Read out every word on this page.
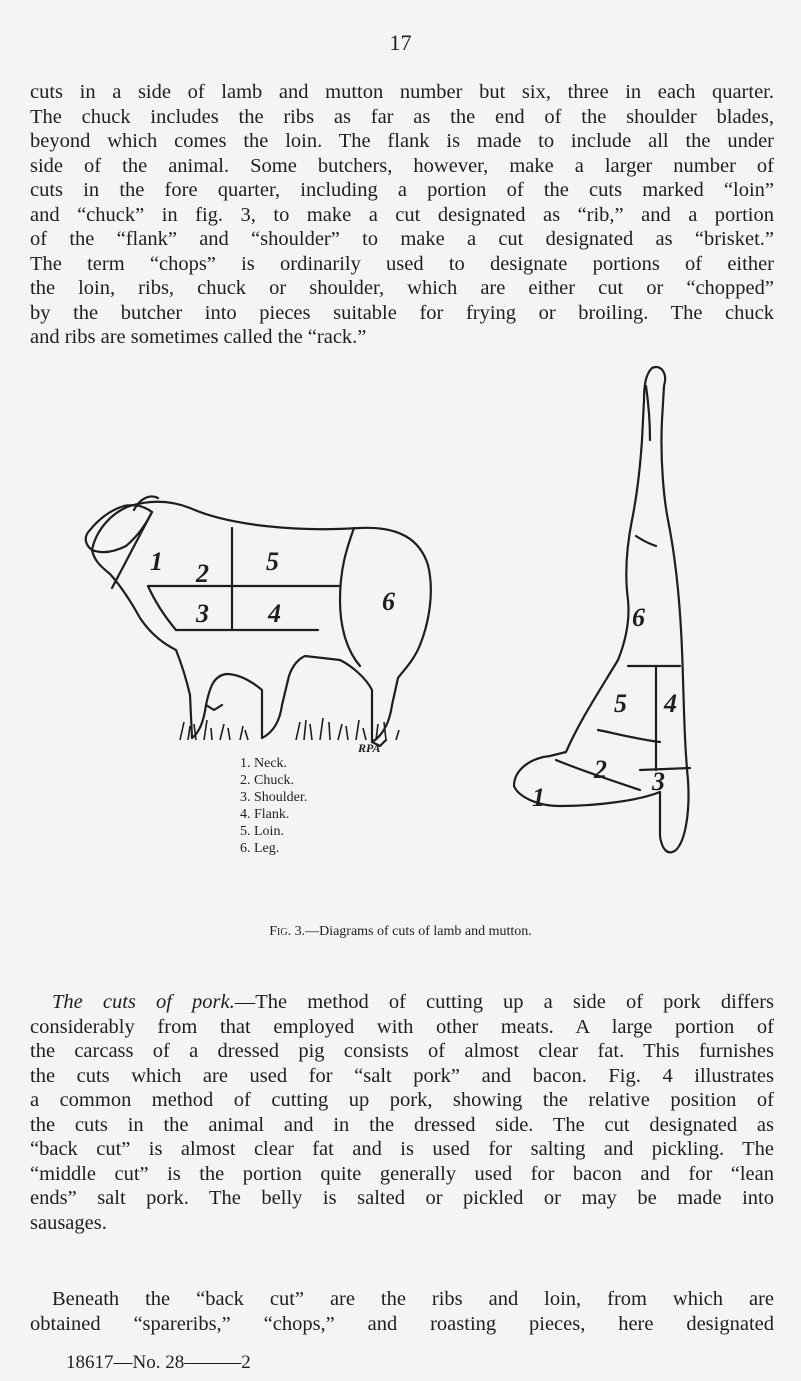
17
cuts in a side of lamb and mutton number but six, three in each quarter.
The chuck includes the ribs as far as the end of the shoulder blades,
beyond which comes the loin. The flank is made to include all the under
side of the animal. Some butchers, however, make a larger number of
cuts in the fore quarter, including a portion of the cuts marked “loin”
and “chuck” in fig. 3, to make a cut designated as “rib,” and a portion
of the “flank” and “shoulder” to make a cut designated as “brisket.”
The term “chops” is ordinarily used to designate portions of either
the loin, ribs, chuck or shoulder, which are either cut or “chopped”
by the butcher into pieces suitable for frying or broiling. The chuck
and ribs are sometimes called the “rack.”
1 2 5
3 4	6
RPA
6
5 4
2 3
1
1. Neck.
2. Chuck.
3. Shoulder.
4. Flank.
5. Loin.
6. Leg.
Fig. 3.—Diagrams of cuts of lamb and mutton.
The cuts of pork.—The method of cutting up a side of pork differs
considerably from that employed with other meats. A large portion of
the carcass of a dressed pig consists of almost clear fat. This furnishes
the cuts which are used for “salt pork” and bacon. Fig. 4 illustrates
a common method of cutting up pork, showing the relative position of
the cuts in the animal and in the dressed side. The cut designated as
“back cut” is almost clear fat and is used for salting and pickling. The
“middle cut” is the portion quite generally used for bacon and for “lean
ends” salt pork. The belly is salted or pickled or may be made into
sausages.
Beneath the “back cut” are the ribs and loin, from which are
obtained “spareribs,” “chops,” and roasting pieces, here designated
18617—No. 28———2
